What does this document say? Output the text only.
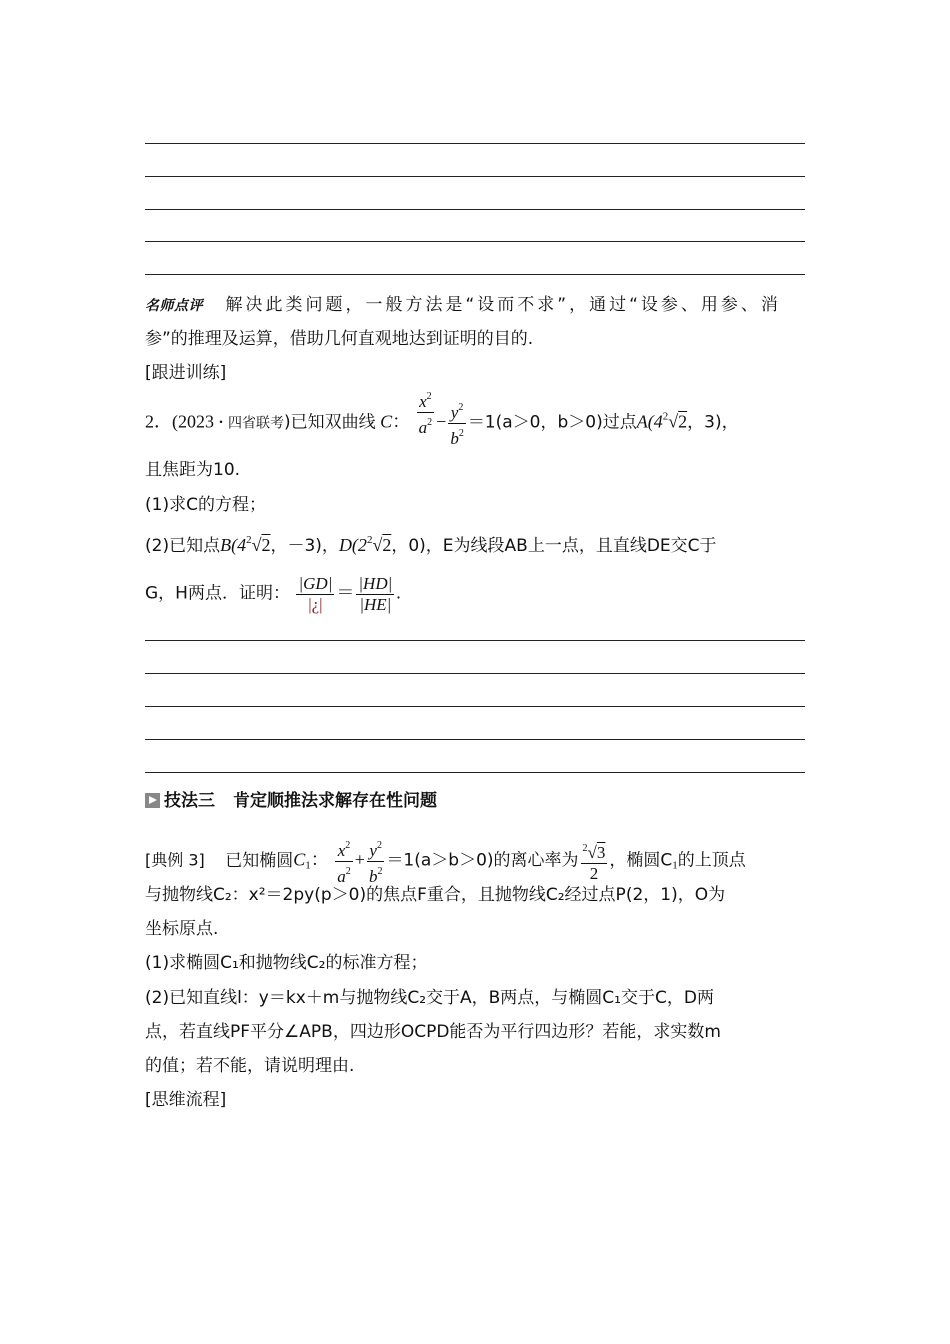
名师点评 解决此类问题，一般方法是“设而不求”，通过“设参、用参、消
参”的推理及运算，借助几何直观地达到证明的目的.
[跟进训练]
2．(2023・四省联考)已知双曲线 C： $\frac{x^2}{a^2} - \frac{y^2}{b^2} =1(a>0$，b＞0)过点$A(4^2√2$，3)，
且焦距为10.
(1)求C的方程；
(2)已知点$B(4^2√2$，－3)，$D(2^2√2$，0)，E为线段AB上一点，且直线DE交C于
G，H两点．证明： $\frac{|GD|}{|¿|} = \frac{|HD|}{|HE|}$ .
技法三 肯定顺推法求解存在性问题
[典例 3] 已知椭圆$C_1$： $\frac{x^2}{a^2} + \frac{y^2}{b^2} =1(a>b>0)$的离心率为 $\frac{^2√3}{2}$ ，椭圆$C_1$的上顶点
与抛物线C₂：x²＝2py(p＞0)的焦点F重合，且抛物线C₂经过点P(2，1)，O为
坐标原点.
(1)求椭圆C₁和抛物线C₂的标准方程；
(2)已知直线l：y＝kx＋m与抛物线C₂交于A，B两点，与椭圆C₁交于C，D两
点，若直线PF平分∠APB，四边形OCPD能否为平行四边形？若能，求实数m
的值；若不能，请说明理由.
[思维流程]
